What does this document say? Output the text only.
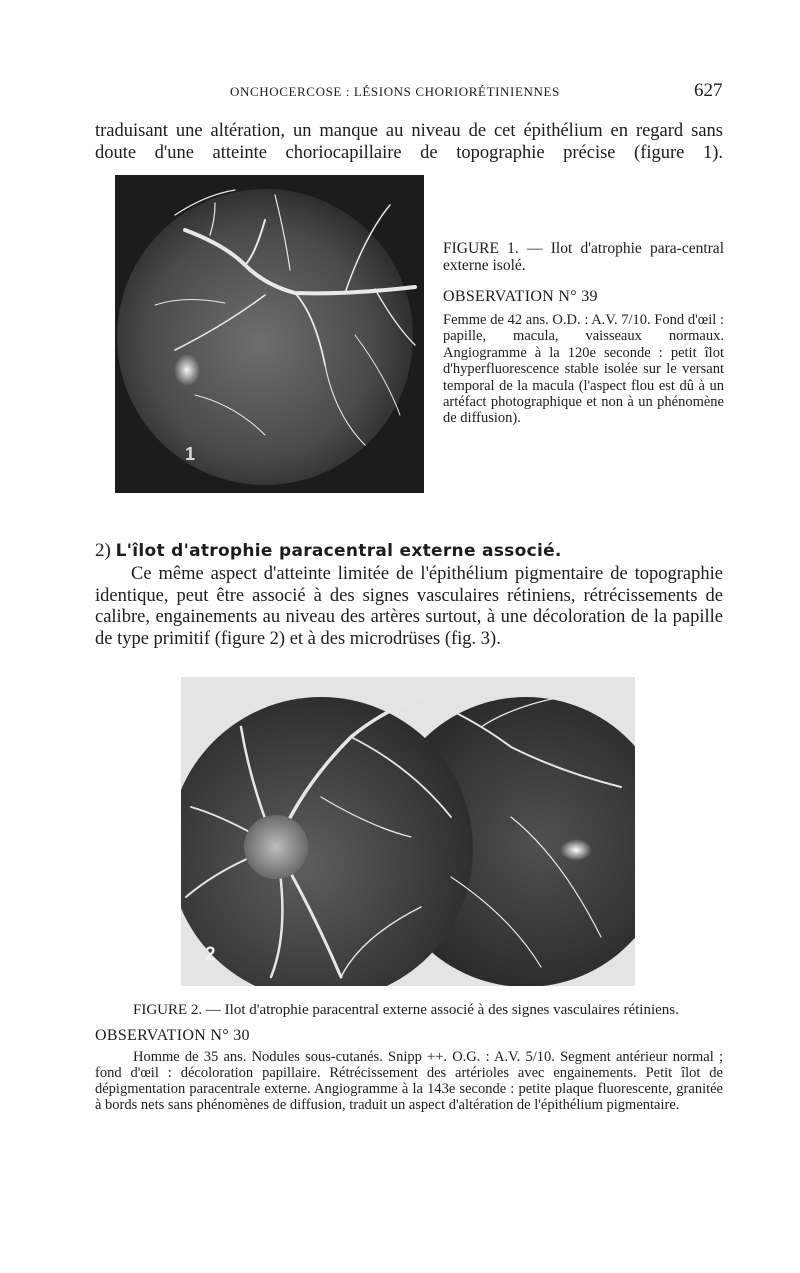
ONCHOCERCOSE : LÉSIONS CHORIORÉTINIENNES	627

traduisant une altération, un manque au niveau de cet épithélium en regard sans doute d'une atteinte choriocapillaire de topographie précise (figure 1).

1

FIGURE 1. — Ilot d'atrophie para-central externe isolé.

OBSERVATION N° 39

Femme de 42 ans. O.D. : A.V. 7/10. Fond d'œil : papille, macula, vaisseaux normaux. Angiogramme à la 120e seconde : petit îlot d'hyperfluorescence stable isolée sur le versant temporal de la macula (l'aspect flou est dû à un artéfact photographique et non à un phénomène de diffusion).

2) L'îlot d'atrophie paracentral externe associé.

Ce même aspect d'atteinte limitée de l'épithélium pigmentaire de topographie identique, peut être associé à des signes vasculaires rétiniens, rétrécissements de calibre, engainements au niveau des artères surtout, à une décoloration de la papille de type primitif (figure 2) et à des microdrüses (fig. 3).

2

FIGURE 2. — Ilot d'atrophie paracentral externe associé à des signes vasculaires rétiniens.

OBSERVATION N° 30

Homme de 35 ans. Nodules sous-cutanés. Snipp ++. O.G. : A.V. 5/10. Segment antérieur normal ; fond d'œil : décoloration papillaire. Rétrécissement des artérioles avec engainements. Petit îlot de dépigmentation paracentrale externe. Angiogramme à la 143e seconde : petite plaque fluorescente, granitée à bords nets sans phénomènes de diffusion, traduit un aspect d'altération de l'épithélium pigmentaire.
